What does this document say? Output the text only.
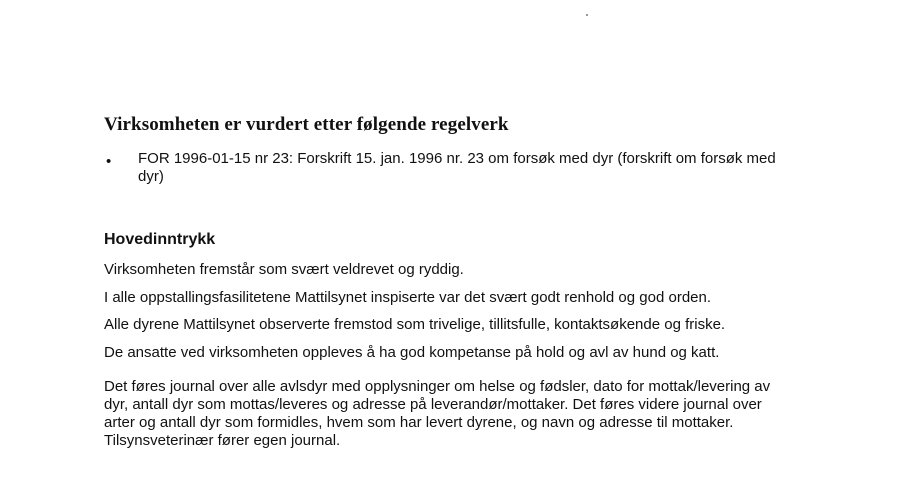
Virksomheten er vurdert etter følgende regelverk
• FOR 1996-01-15 nr 23: Forskrift 15. jan. 1996 nr. 23 om forsøk med dyr (forskrift om forsøk med dyr)
Hovedinntrykk

Virksomheten fremstår som svært veldrevet og ryddig.

I alle oppstallingsfasilitetene Mattilsynet inspiserte var det svært godt renhold og god orden.

Alle dyrene Mattilsynet observerte fremstod som trivelige, tillitsfulle, kontaktsøkende og friske.

De ansatte ved virksomheten oppleves å ha god kompetanse på hold og avl av hund og katt.

Det føres journal over alle avlsdyr med opplysninger om helse og fødsler, dato for mottak/levering av dyr, antall dyr som mottas/leveres og adresse på leverandør/mottaker. Det føres videre journal over arter og antall dyr som formidles, hvem som har levert dyrene, og navn og adresse til mottaker. Tilsynsveterinær fører egen journal.
